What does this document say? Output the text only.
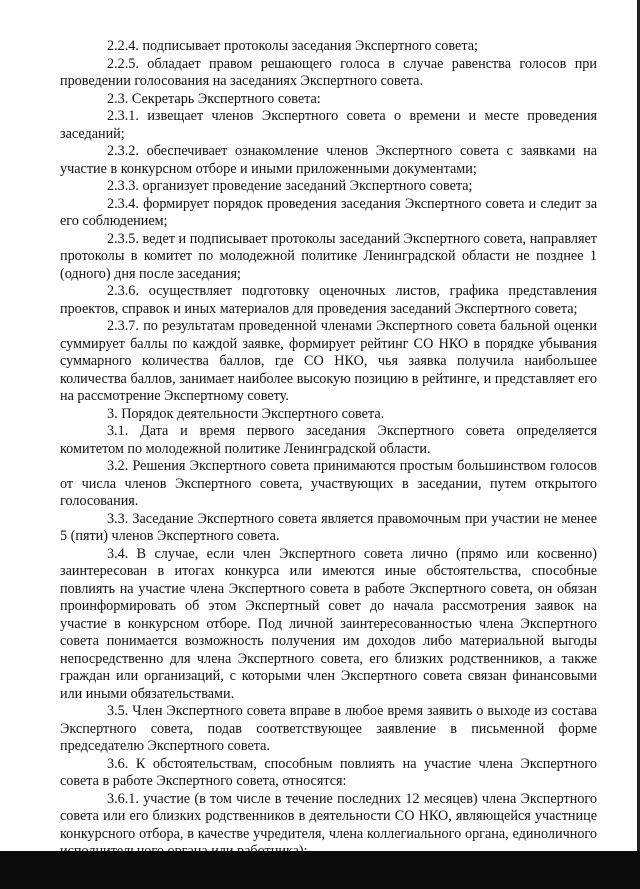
2.2.4. подписывает протоколы заседания Экспертного совета;

2.2.5. обладает правом решающего голоса в случае равенства голосов при проведении голосования на заседаниях Экспертного совета.

2.3. Секретарь Экспертного совета:

2.3.1. извещает членов Экспертного совета о времени и месте проведения заседаний;

2.3.2. обеспечивает ознакомление членов Экспертного совета с заявками на участие в конкурсном отборе и иными приложенными документами;

2.3.3. организует проведение заседаний Экспертного совета;

2.3.4. формирует порядок проведения заседания Экспертного совета и следит за его соблюдением;

2.3.5. ведет и подписывает протоколы заседаний Экспертного совета, направляет протоколы в комитет по молодежной политике Ленинградской области не позднее 1 (одного) дня после заседания;

2.3.6. осуществляет подготовку оценочных листов, графика представления проектов, справок и иных материалов для проведения заседаний Экспертного совета;

2.3.7. по результатам проведенной членами Экспертного совета бальной оценки суммирует баллы по каждой заявке, формирует рейтинг СО НКО в порядке убывания суммарного количества баллов, где СО НКО, чья заявка получила наибольшее количества баллов, занимает наиболее высокую позицию в рейтинге, и представляет его на рассмотрение Экспертному совету.

3. Порядок деятельности Экспертного совета.

3.1. Дата и время первого заседания Экспертного совета определяется комитетом по молодежной политике Ленинградской области.

3.2. Решения Экспертного совета принимаются простым большинством голосов от числа членов Экспертного совета, участвующих в заседании, путем открытого голосования.

3.3. Заседание Экспертного совета является правомочным при участии не менее 5 (пяти) членов Экспертного совета.

3.4. В случае, если член Экспертного совета лично (прямо или косвенно) заинтересован в итогах конкурса или имеются иные обстоятельства, способные повлиять на участие члена Экспертного совета в работе Экспертного совета, он обязан проинформировать об этом Экспертный совет до начала рассмотрения заявок на участие в конкурсном отборе. Под личной заинтересованностью члена Экспертного совета понимается возможность получения им доходов либо материальной выгоды непосредственно для члена Экспертного совета, его близких родственников, а также граждан или организаций, с которыми член Экспертного совета связан финансовыми или иными обязательствами.

3.5. Член Экспертного совета вправе в любое время заявить о выходе из состава Экспертного совета, подав соответствующее заявление в письменной форме председателю Экспертного совета.

3.6. К обстоятельствам, способным повлиять на участие члена Экспертного совета в работе Экспертного совета, относятся:

3.6.1. участие (в том числе в течение последних 12 месяцев) члена Экспертного совета или его близких родственников в деятельности СО НКО, являющейся участнице конкурсного отбора, в качестве учредителя, члена коллегиального органа, единоличного
